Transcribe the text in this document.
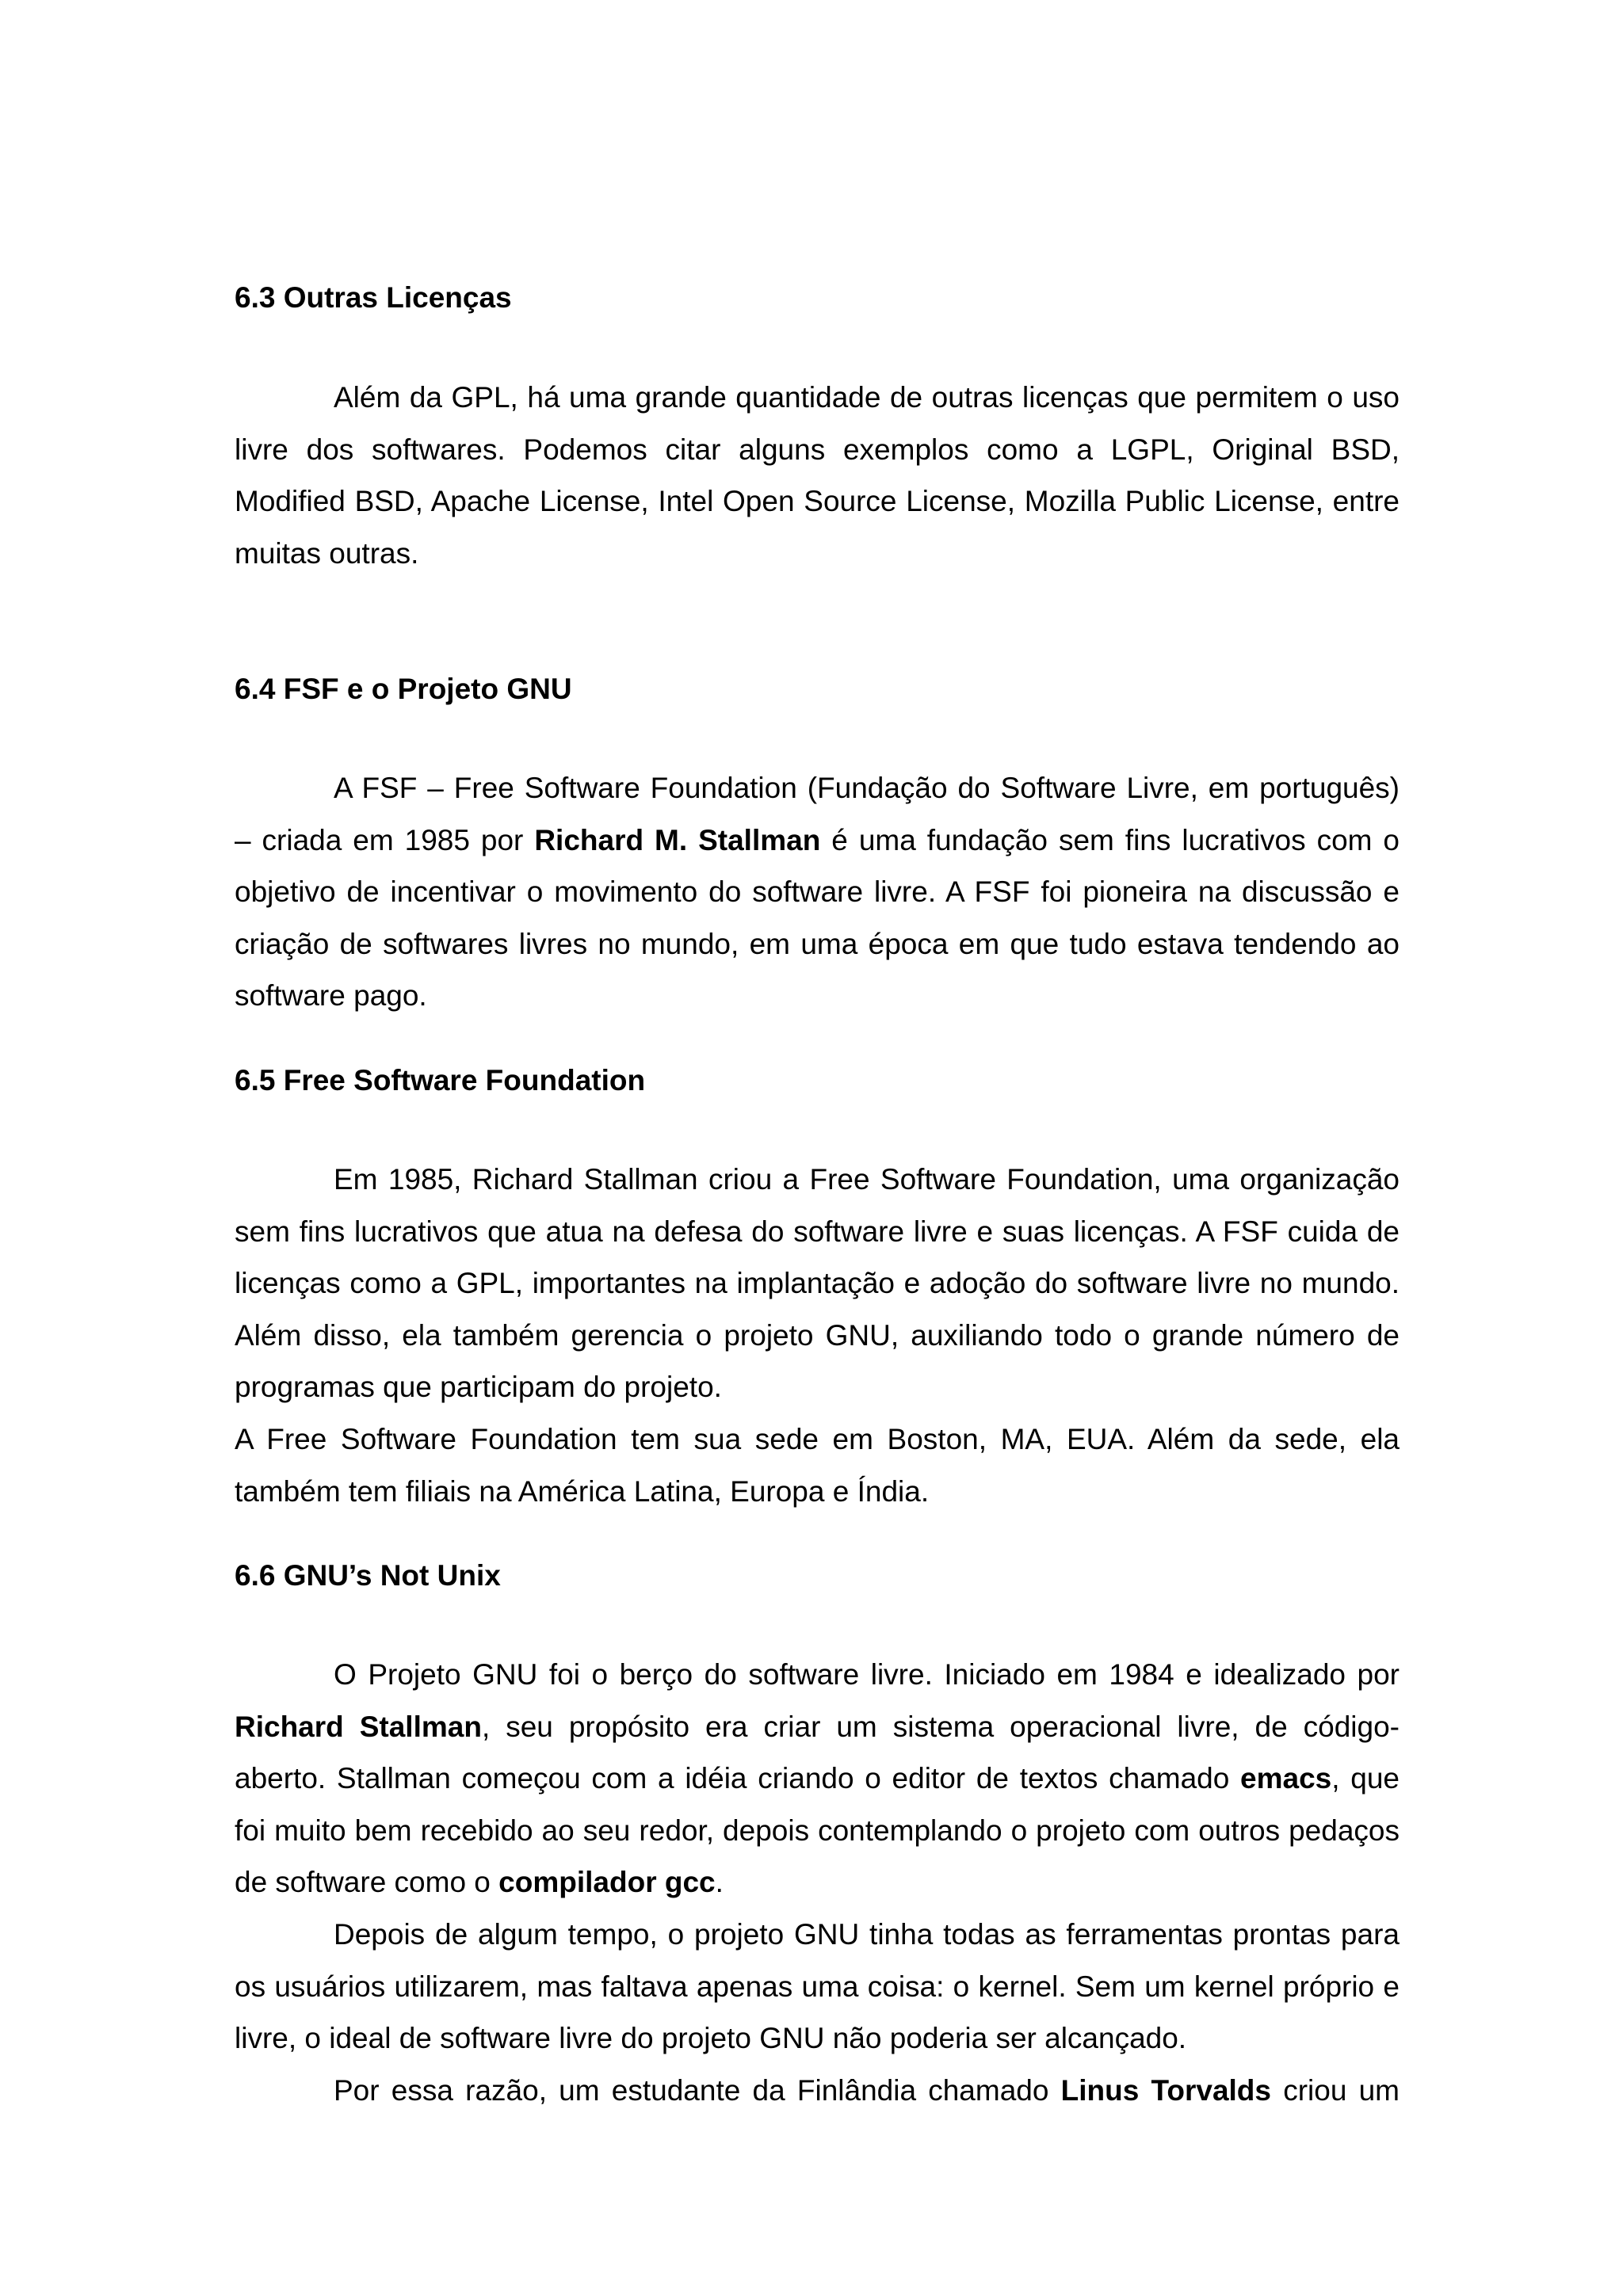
6.3 Outras Licenças

Além da GPL, há uma grande quantidade de outras licenças que permitem o uso livre dos softwares. Podemos citar alguns exemplos como a LGPL, Original BSD, Modified BSD, Apache License, Intel Open Source License, Mozilla Public License, entre muitas outras.

6.4 FSF e o Projeto GNU

A FSF – Free Software Foundation (Fundação do Software Livre, em português) – criada em 1985 por Richard M. Stallman é uma fundação sem fins lucrativos com o objetivo de incentivar o movimento do software livre. A FSF foi pioneira na discussão e criação de softwares livres no mundo, em uma época em que tudo estava tendendo ao software pago.

6.5 Free Software Foundation

Em 1985, Richard Stallman criou a Free Software Foundation, uma organização sem fins lucrativos que atua na defesa do software livre e suas licenças. A FSF cuida de licenças como a GPL, importantes na implantação e adoção do software livre no mundo. Além disso, ela também gerencia o projeto GNU, auxiliando todo o grande número de programas que participam do projeto.

A Free Software Foundation tem sua sede em Boston, MA, EUA. Além da sede, ela também tem filiais na América Latina, Europa e Índia.

6.6 GNU’s Not Unix

O Projeto GNU foi o berço do software livre. Iniciado em 1984 e idealizado por Richard Stallman, seu propósito era criar um sistema operacional livre, de código-aberto. Stallman começou com a idéia criando o editor de textos chamado emacs, que foi muito bem recebido ao seu redor, depois contemplando o projeto com outros pedaços de software como o compilador gcc.

Depois de algum tempo, o projeto GNU tinha todas as ferramentas prontas para os usuários utilizarem, mas faltava apenas uma coisa: o kernel. Sem um kernel próprio e livre, o ideal de software livre do projeto GNU não poderia ser alcançado.

Por essa razão, um estudante da Finlândia chamado Linus Torvalds criou um
